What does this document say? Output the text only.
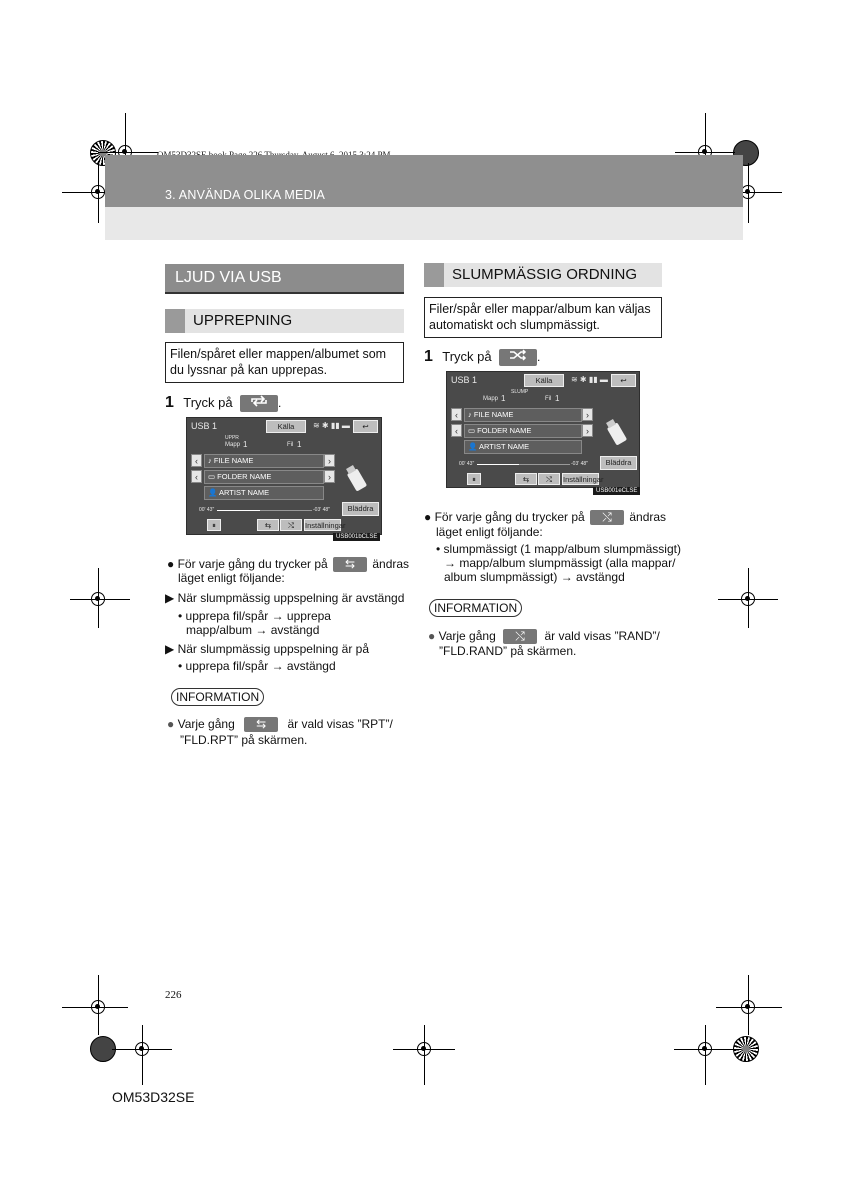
3. ANVÄNDA OLIKA MEDIA
LJUD VIA USB
UPPREPNING
Filen/spåret eller mappen/albumet som du lyssnar på kan upprepas.
1 Tryck på	.
USB 1	Källa	≋ ✱ ▮▮ ▬	↩
UPPR
Mapp 1	Fil 1
‹	♪ FILE NAME	›
‹	▭ FOLDER NAME	›
👤 ARTIST NAME
Bläddra
00' 43"	-03' 48"
⏸	⇆	⤭	Inställningar
USB001bCLSE
● För varje gång du trycker på ⇆ ändras
läget enligt följande:
▶ När slumpmässig uppspelning är avstängd
• upprepa fil/spår → upprepa
mapp/album → avstängd
▶ När slumpmässig uppspelning är på
• upprepa fil/spår → avstängd
INFORMATION
● Varje gång ⇆ är vald visas ”RPT”/
”FLD.RPT” på skärmen.
SLUMPMÄSSIG ORDNING
Filer/spår eller mappar/album kan väljas automatiskt och slumpmässigt.
1 Tryck på	.
USB 1	Källa	≋ ✱ ▮▮ ▬	↩
SLUMP
Mapp 1	Fil 1
‹	♪ FILE NAME	›
‹	▭ FOLDER NAME	›
👤 ARTIST NAME
Bläddra
00' 43"	-03' 48"
⏸	⇆	⤭	Inställningar
USB001eCLSE
● För varje gång du trycker på ⤭ ändras
läget enligt följande:
• slumpmässigt (1 mapp/album slumpmässigt)
→ mapp/album slumpmässigt (alla mappar/
album slumpmässigt) → avstängd
INFORMATION
● Varje gång ⤭ är vald visas ”RAND”/
”FLD.RAND” på skärmen.
226
OM53D32SE
